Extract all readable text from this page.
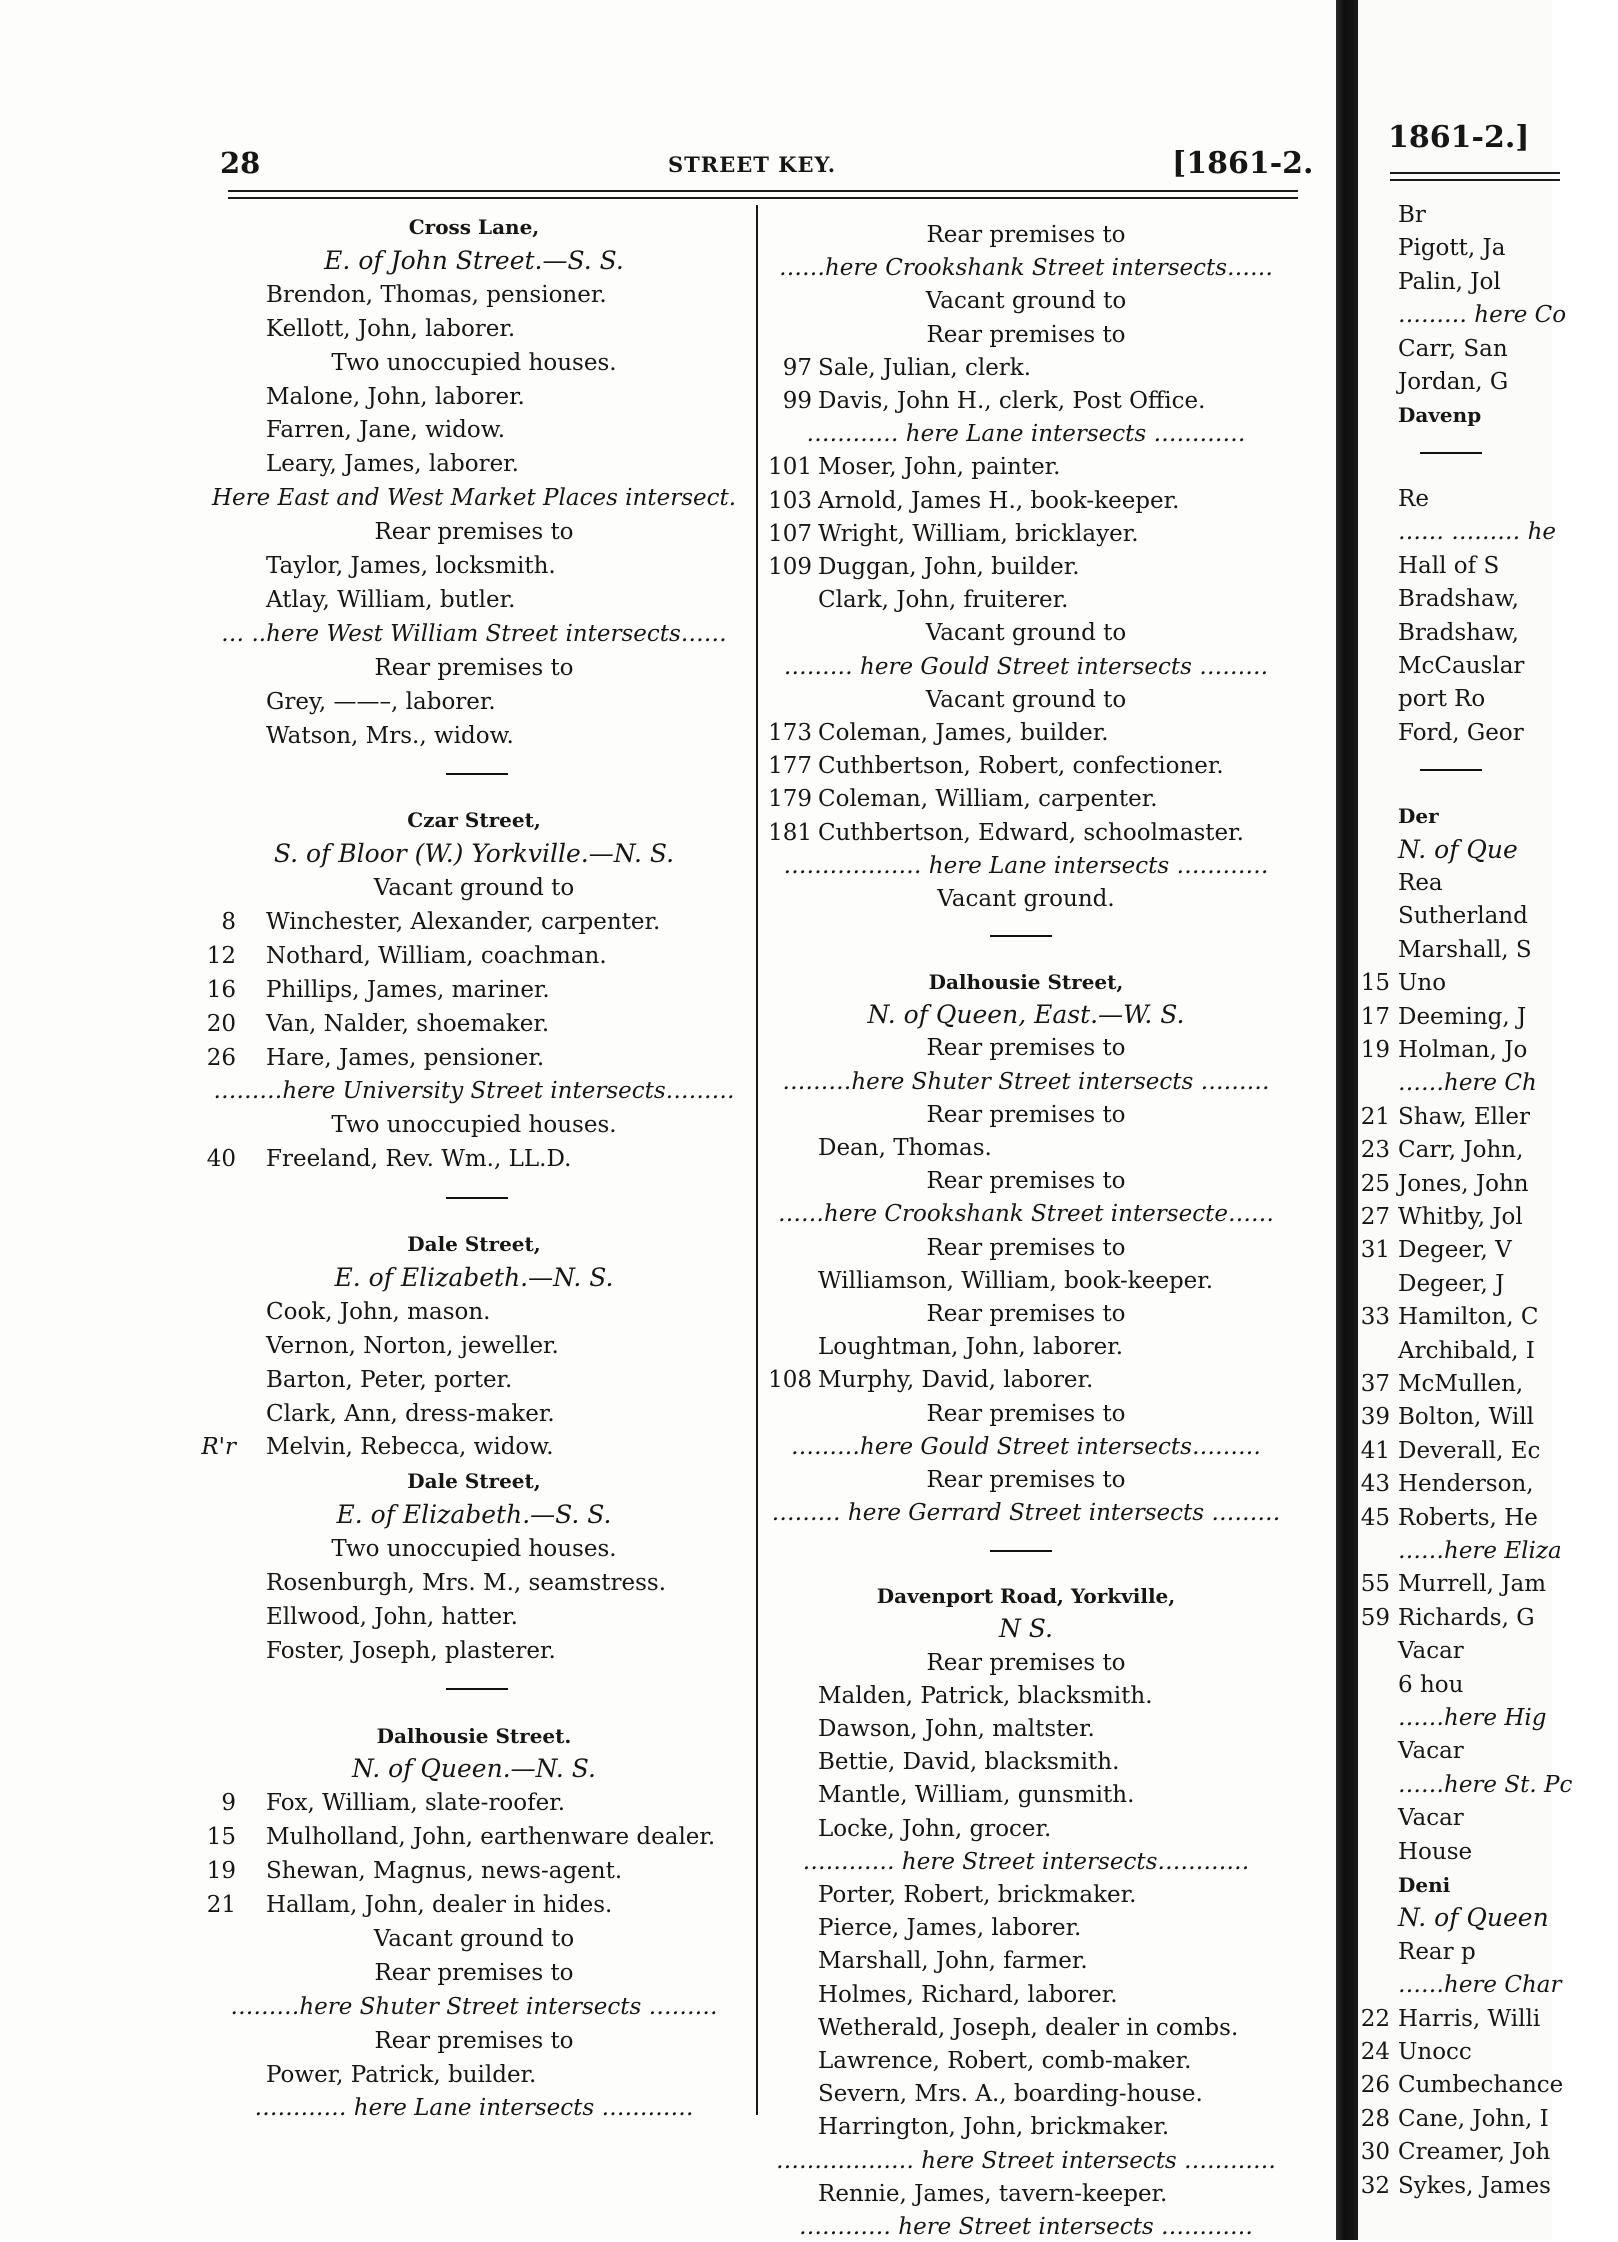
28	STREET KEY.	[1861-2.
Cross Lane,
E. of John Street.—S. S.
Brendon, Thomas, pensioner.
Kellott, John, laborer.
Two unoccupied houses.
Malone, John, laborer.
Farren, Jane, widow.
Leary, James, laborer.
Here East and West Market Places intersect.
Rear premises to
Taylor, James, locksmith.
Atlay, William, butler.
… ..here West William Street intersects……
Rear premises to
Grey, ——–, laborer.
Watson, Mrs., widow.
Czar Street,
S. of Bloor (W.) Yorkville.—N. S.
Vacant ground to
8 Winchester, Alexander, carpenter.
12 Nothard, William, coachman.
16 Phillips, James, mariner.
20 Van, Nalder, shoemaker.
26 Hare, James, pensioner.
………here University Street intersects………
Two unoccupied houses.
40 Freeland, Rev. Wm., LL.D.
Dale Street,
E. of Elizabeth.—N. S.
Cook, John, mason.
Vernon, Norton, jeweller.
Barton, Peter, porter.
Clark, Ann, dress-maker.
R'r Melvin, Rebecca, widow.
Dale Street,
E. of Elizabeth.—S. S.
Two unoccupied houses.
Rosenburgh, Mrs. M., seamstress.
Ellwood, John, hatter.
Foster, Joseph, plasterer.
Dalhousie Street.
N. of Queen.—N. S.
9 Fox, William, slate-roofer.
15 Mulholland, John, earthenware dealer.
19 Shewan, Magnus, news-agent.
21 Hallam, John, dealer in hides.
Vacant ground to
Rear premises to
………here Shuter Street intersects ………
Rear premises to
Power, Patrick, builder.
………… here Lane intersects …………
Rear premises to
……here Crookshank Street intersects……
Vacant ground to
Rear premises to
97 Sale, Julian, clerk.
99 Davis, John H., clerk, Post Office.
………… here Lane intersects …………
101 Moser, John, painter.
103 Arnold, James H., book-keeper.
107 Wright, William, bricklayer.
109 Duggan, John, builder.
Clark, John, fruiterer.
Vacant ground to
……… here Gould Street intersects ………
Vacant ground to
173 Coleman, James, builder.
177 Cuthbertson, Robert, confectioner.
179 Coleman, William, carpenter.
181 Cuthbertson, Edward, schoolmaster.
……………… here Lane intersects …………
Vacant ground.
Dalhousie Street,
N. of Queen, East.—W. S.
Rear premises to
………here Shuter Street intersects ………
Rear premises to
Dean, Thomas.
Rear premises to
……here Crookshank Street intersecte……
Rear premises to
Williamson, William, book-keeper.
Rear premises to
Loughtman, John, laborer.
108 Murphy, David, laborer.
Rear premises to
………here Gould Street intersects………
Rear premises to
……… here Gerrard Street intersects ………
Davenport Road, Yorkville,
N S.
Rear premises to
Malden, Patrick, blacksmith.
Dawson, John, maltster.
Bettie, David, blacksmith.
Mantle, William, gunsmith.
Locke, John, grocer.
………… here Street intersects…………
Porter, Robert, brickmaker.
Pierce, James, laborer.
Marshall, John, farmer.
Holmes, Richard, laborer.
Wetherald, Joseph, dealer in combs.
Lawrence, Robert, comb-maker.
Severn, Mrs. A., boarding-house.
Harrington, John, brickmaker.
……………… here Street intersects …………
Rennie, James, tavern-keeper.
………… here Street intersects …………
1861-2.]
Br
Pigott, Ja
Palin, Jol
……… here Co
Carr, San
Jordan, G
Davenp
Re
…… ……… he
Hall of S
Bradshaw,
Bradshaw,
McCauslar
port Ro
Ford, Geor
Der
N. of Que
Rea
Sutherland
Marshall, S
15 Uno
17 Deeming, J
19 Holman, Jo
……here Ch
21 Shaw, Eller
23 Carr, John,
25 Jones, John
27 Whitby, Jol
31 Degeer, V
Degeer, J
33 Hamilton, C
Archibald, I
37 McMullen,
39 Bolton, Will
41 Deverall, Ec
43 Henderson,
45 Roberts, He
……here Eliza
55 Murrell, Jam
59 Richards, G
Vacar
6 hou
……here Hig
Vacar
……here St. Pc
Vacar
House
Deni
N. of Queen
Rear p
……here Char
22 Harris, Willi
24 Unocc
26 Cumbechance
28 Cane, John, I
30 Creamer, Joh
32 Sykes, James
